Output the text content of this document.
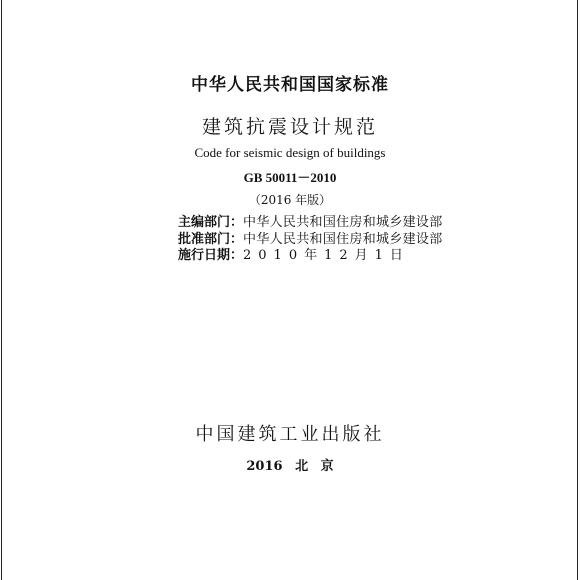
中华人民共和国国家标准
建筑抗震设计规范
Code for seismic design of buildings
GB 50011－2010
（2016 年版）
主编部门：中华人民共和国住房和城乡建设部
批准部门：中华人民共和国住房和城乡建设部
施行日期：2010年12月1日
中国建筑工业出版社
2016 北 京
